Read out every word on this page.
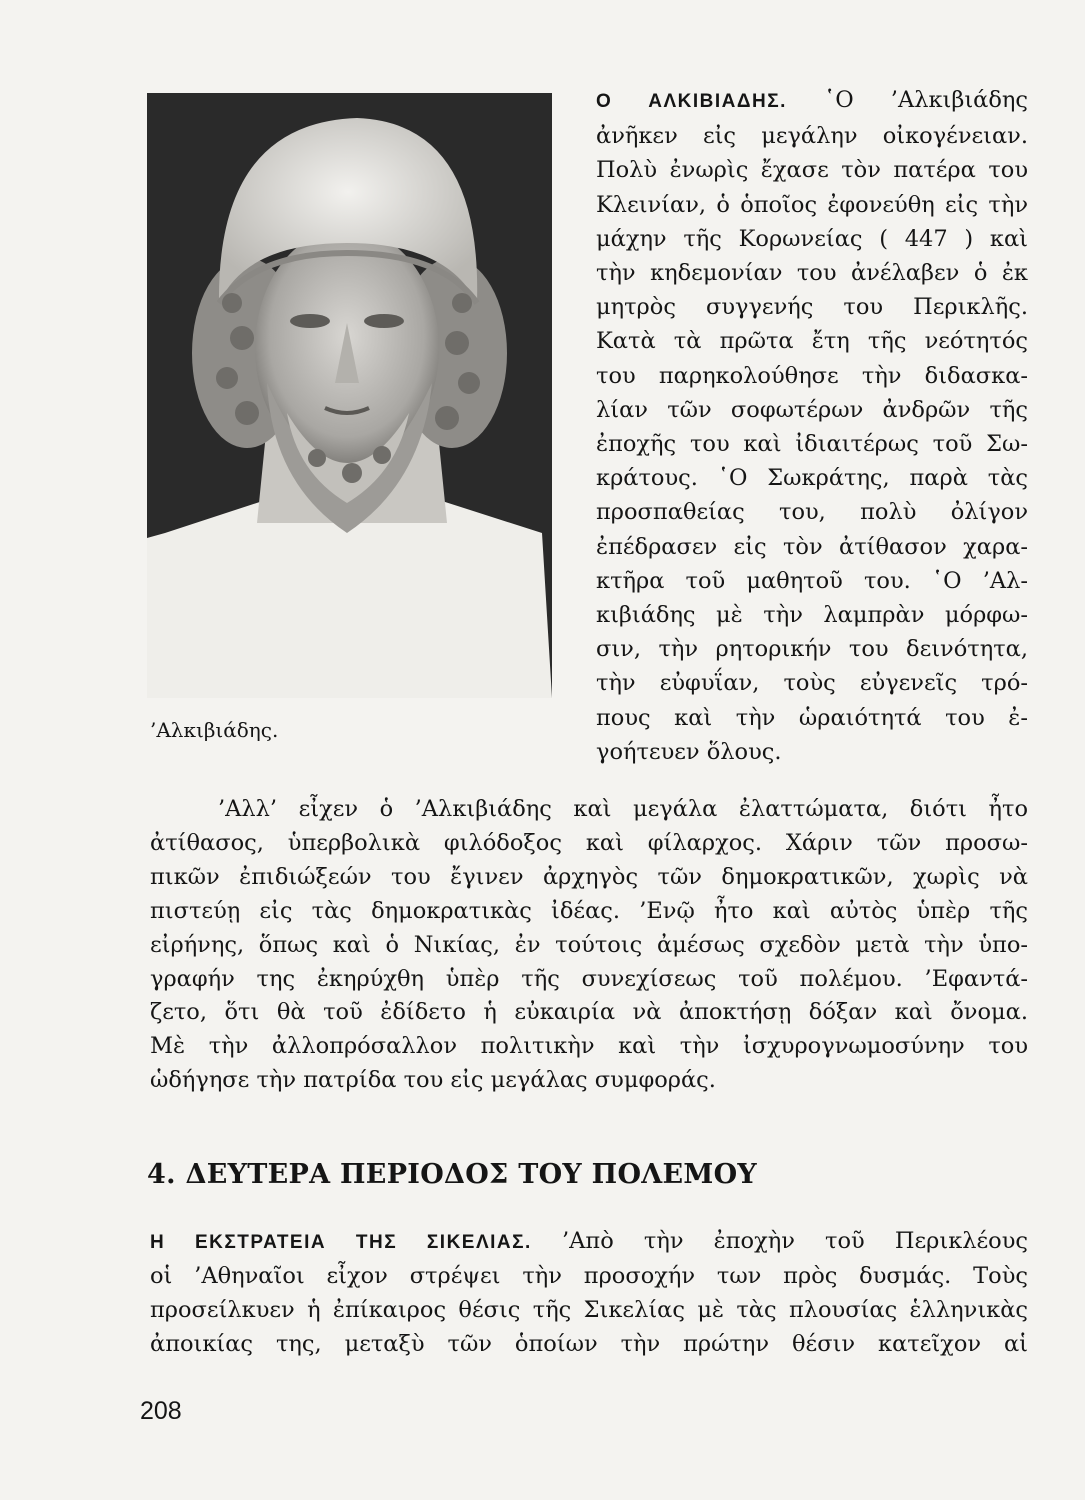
’Αλκιβιάδης.
Ο ΑΛΚΙΒΙΑΔΗΣ. ῾Ο ’Αλκιβιάδης
ἀνῆκεν εἰς μεγάλην οἰκογένειαν.
Πολὺ ἐνωρὶς ἔχασε τὸν πατέρα του
Κλεινίαν, ὁ ὁποῖος ἐφονεύθη εἰς τὴν
μάχην τῆς Κορωνείας ( 447 ) καὶ
τὴν κηδεμονίαν του ἀνέλαβεν ὁ ἐκ
μητρὸς συγγενής του Περικλῆς.
Κατὰ τὰ πρῶτα ἔτη τῆς νεότητός
του παρηκολούθησε τὴν διδασκα-
λίαν τῶν σοφωτέρων ἀνδρῶν τῆς
ἐποχῆς του καὶ ἰδιαιτέρως τοῦ Σω-
κράτους. ῾Ο Σωκράτης, παρὰ τὰς
προσπαθείας του, πολὺ ὀλίγον
ἐπέδρασεν εἰς τὸν ἀτίθασον χαρα-
κτῆρα τοῦ μαθητοῦ του. ῾Ο ’Αλ-
κιβιάδης μὲ τὴν λαμπρὰν μόρφω-
σιν, τὴν ρητορικήν του δεινότητα,
τὴν εὐφυΐαν, τοὺς εὐγενεῖς τρό-
πους καὶ τὴν ὡραιότητά του ἐ-
γοήτευεν ὅλους.
’Αλλ’ εἶχεν ὁ ’Αλκιβιάδης καὶ μεγάλα ἐλαττώματα, διότι ἦτο
ἀτίθασος, ὑπερβολικὰ φιλόδοξος καὶ φίλαρχος. Χάριν τῶν προσω-
πικῶν ἐπιδιώξεών του ἔγινεν ἀρχηγὸς τῶν δημοκρατικῶν, χωρὶς νὰ
πιστεύῃ εἰς τὰς δημοκρατικὰς ἰδέας. ’Ενῷ ἦτο καὶ αὐτὸς ὑπὲρ τῆς
εἰρήνης, ὅπως καὶ ὁ Νικίας, ἐν τούτοις ἀμέσως σχεδὸν μετὰ τὴν ὑπο-
γραφήν της ἐκηρύχθη ὑπὲρ τῆς συνεχίσεως τοῦ πολέμου. ’Εφαντά-
ζετο, ὅτι θὰ τοῦ ἐδίδετο ἡ εὐκαιρία νὰ ἀποκτήσῃ δόξαν καὶ ὄνομα.
Μὲ τὴν ἀλλοπρόσαλλον πολιτικὴν καὶ τὴν ἰσχυρογνωμοσύνην του
ὡδήγησε τὴν πατρίδα του εἰς μεγάλας συμφοράς.
4. ΔΕΥΤΕΡΑ ΠΕΡΙΟΔΟΣ ΤΟΥ ΠΟΛΕΜΟΥ
Η ΕΚΣΤΡΑΤΕΙΑ ΤΗΣ ΣΙΚΕΛΙΑΣ. ’Απὸ τὴν ἐποχὴν τοῦ Περικλέους
οἱ ’Αθηναῖοι εἶχον στρέψει τὴν προσοχήν των πρὸς δυσμάς. Τοὺς
προσείλκυεν ἡ ἐπίκαιρος θέσις τῆς Σικελίας μὲ τὰς πλουσίας ἑλληνικὰς
ἀποικίας της, μεταξὺ τῶν ὁποίων τὴν πρώτην θέσιν κατεῖχον αἱ
208
